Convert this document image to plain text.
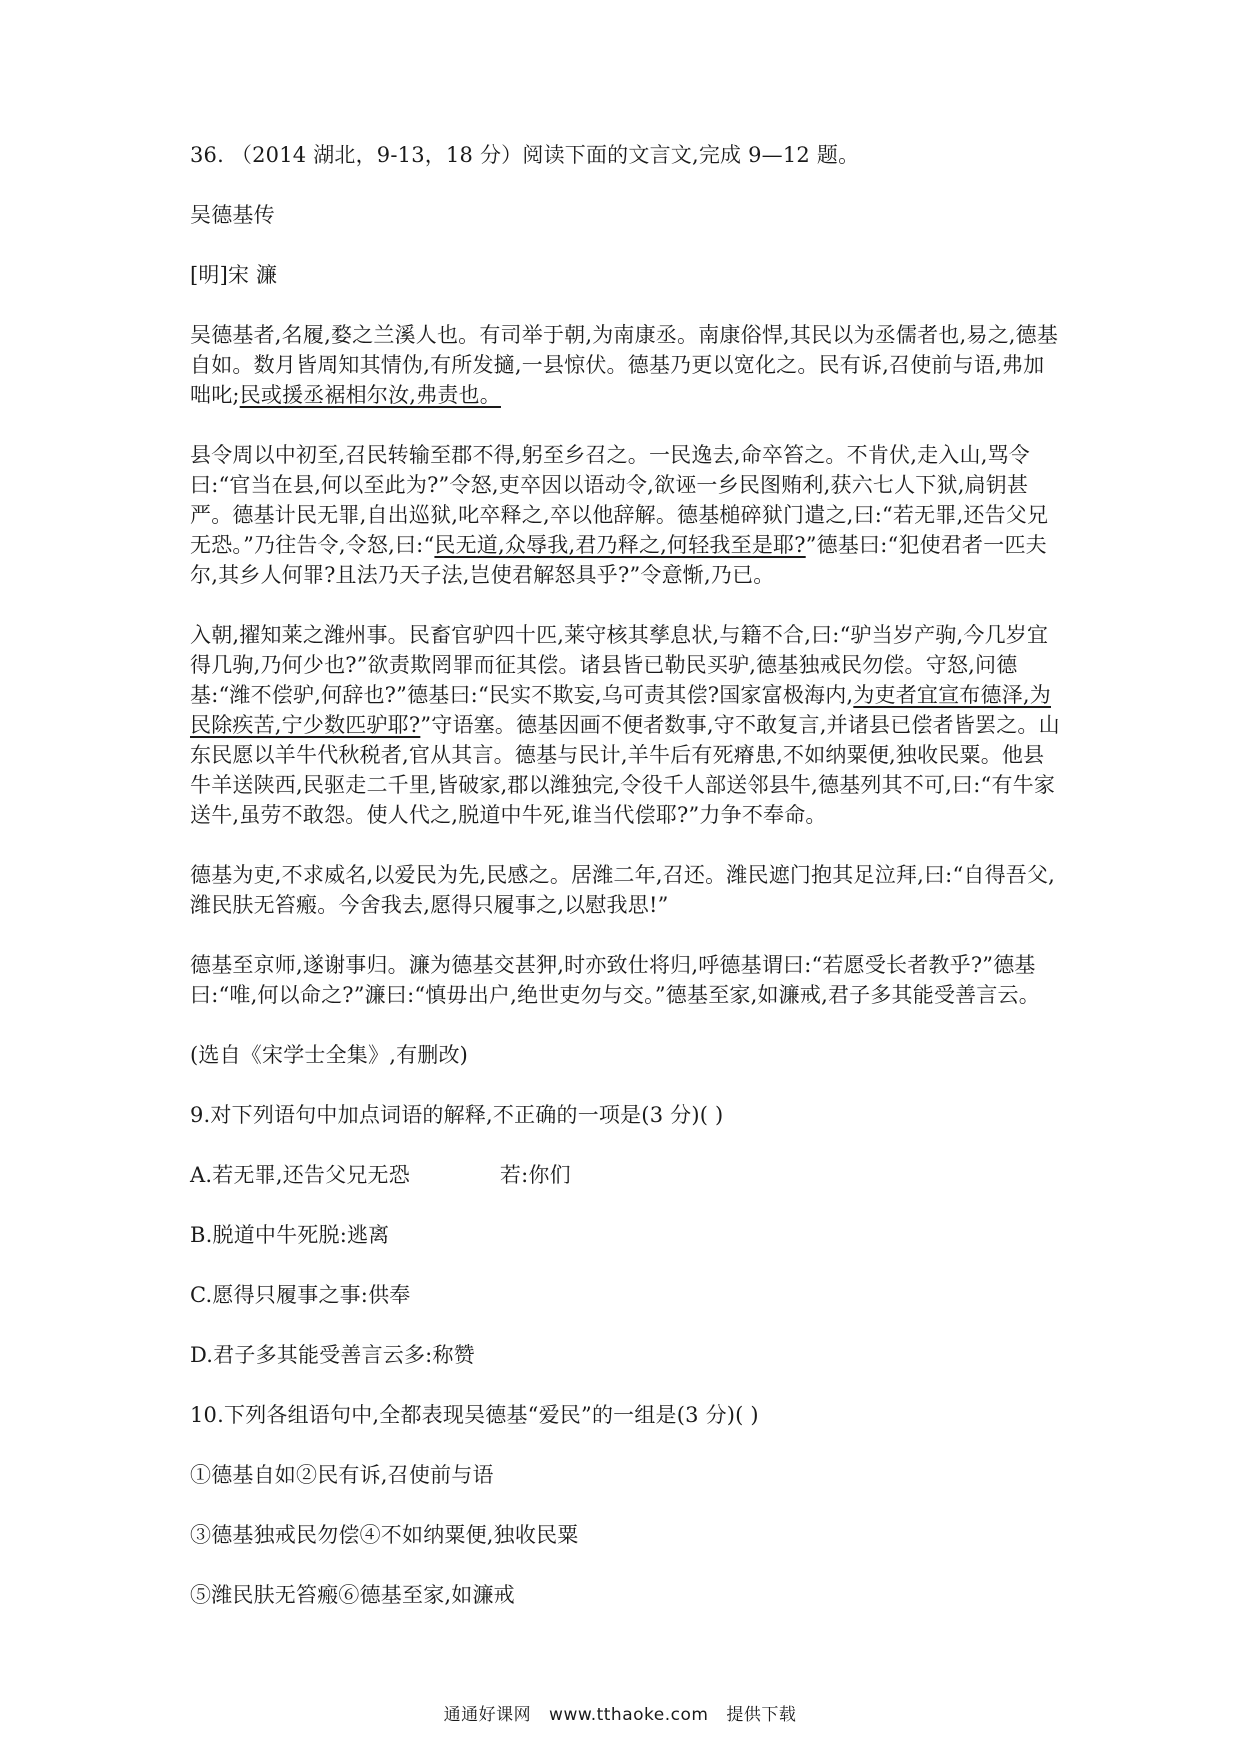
36. （2014 湖北，9-13，18 分）阅读下面的文言文,完成 9—12 题。
吴德基传
[明]宋 濂

吴德基者,名履,婺之兰溪人也。有司举于朝,为南康丞。南康俗悍,其民以为丞儒者也,易之,德基自如。数月皆周知其情伪,有所发擿,一县惊伏。德基乃更以宽化之。民有诉,召使前与语,弗加咄叱;民或援丞裾相尔汝,弗责也。

县令周以中初至,召民转输至郡不得,躬至乡召之。一民逸去,命卒笞之。不肯伏,走入山,骂令曰:“官当在县,何以至此为?”令怒,吏卒因以语动令,欲诬一乡民图贿利,获六七人下狱,扃钥甚严。德基计民无罪,自出巡狱,叱卒释之,卒以他辞解。德基槌碎狱门遣之,曰:“若无罪,还告父兄无恐。”乃往告令,令怒,曰:“民无道,众辱我,君乃释之,何轻我至是耶?”德基曰:“犯使君者一匹夫尔,其乡人何罪?且法乃天子法,岂使君解怒具乎?”令意惭,乃已。

入朝,擢知莱之潍州事。民畜官驴四十匹,莱守核其孳息状,与籍不合,曰:“驴当岁产驹,今几岁宜得几驹,乃何少也?”欲责欺罔罪而征其偿。诸县皆已勒民买驴,德基独戒民勿偿。守怒,问德基:“潍不偿驴,何辞也?”德基曰:“民实不欺妄,乌可责其偿?国家富极海内,为吏者宜宣布德泽,为民除疾苦,宁少数匹驴耶?”守语塞。德基因画不便者数事,守不敢复言,并诸县已偿者皆罢之。山东民愿以羊牛代秋税者,官从其言。德基与民计,羊牛后有死瘠患,不如纳粟便,独收民粟。他县牛羊送陕西,民驱走二千里,皆破家,郡以潍独完,令役千人部送邻县牛,德基列其不可,曰:“有牛家送牛,虽劳不敢怨。使人代之,脱道中牛死,谁当代偿耶?”力争不奉命。

德基为吏,不求威名,以爱民为先,民感之。居潍二年,召还。潍民遮门抱其足泣拜,曰:“自得吾父,潍民肤无笞瘢。今舍我去,愿得只履事之,以慰我思!”

德基至京师,遂谢事归。濂为德基交甚狎,时亦致仕将归,呼德基谓曰:“若愿受长者教乎?”德基曰:“唯,何以命之?”濂曰:“慎毋出户,绝世吏勿与交。”德基至家,如濂戒,君子多其能受善言云。

(选自《宋学士全集》,有删改)
9.对下列语句中加点词语的解释,不正确的一项是(3 分)( )
A.若无罪,还告父兄无恐	若:你们
B.脱道中牛死脱:逃离
C.愿得只履事之事:供奉
D.君子多其能受善言云多:称赞
10.下列各组语句中,全都表现吴德基“爱民”的一组是(3 分)( )
①德基自如②民有诉,召使前与语
③德基独戒民勿偿④不如纳粟便,独收民粟
⑤潍民肤无笞瘢⑥德基至家,如濂戒
通通好课网 www.tthaoke.com 提供下载
